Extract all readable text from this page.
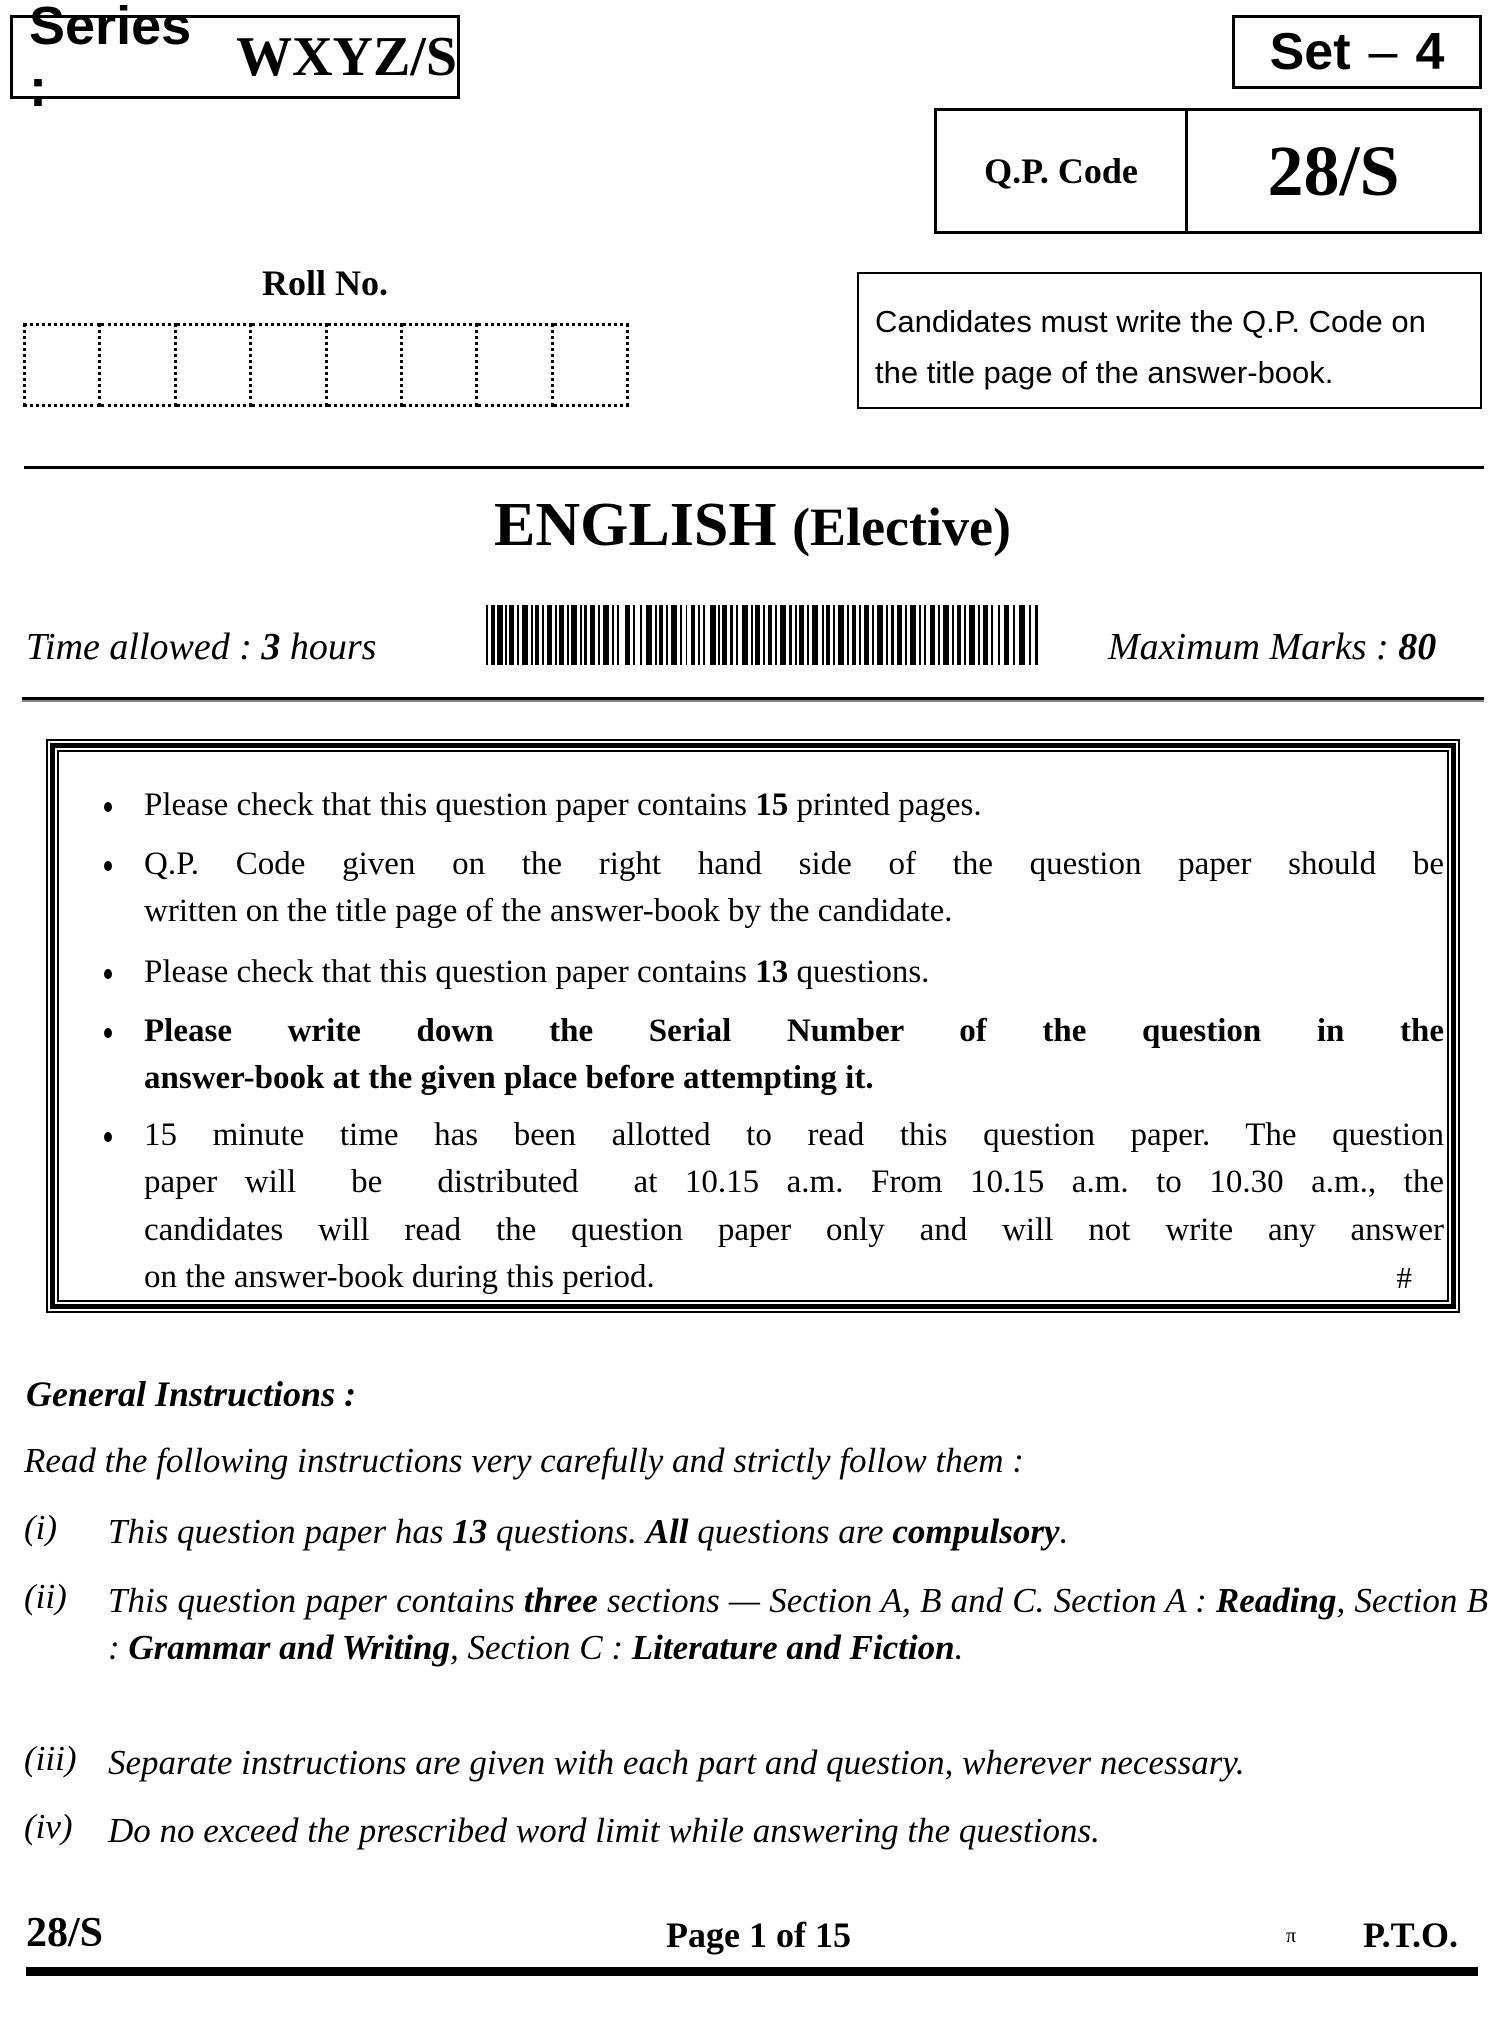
Series :	WXYZ/S	Set – 4
Q.P. Code	28/S
Roll No.
Candidates must write the Q.P. Code on
the title page of the answer-book.
ENGLISH (Elective)
Time allowed : 3 hours	Maximum Marks : 80
Please check that this question paper contains 15 printed pages.
Q.P. Code given on the right hand side of the question paper should be
written on the title page of the answer-book by the candidate.
Please check that this question paper contains 13 questions.
Please write down the Serial Number of the question in the
answer-book at the given place before attempting it.
15 minute time has been allotted to read this question paper. The question
paper will  be  distributed  at 10.15 a.m. From 10.15 a.m. to 10.30 a.m., the
candidates will read the question paper only and will not write any answer
on the answer-book during this period.	#
General Instructions :
Read the following instructions very carefully and strictly follow them :
(i) This question paper has 13 questions. All questions are compulsory.
(ii) This question paper contains three sections — Section A, B and C. Section A : Reading, Section B : Grammar and Writing, Section C : Literature and Fiction.
(iii) Separate instructions are given with each part and question, wherever necessary.
(iv) Do no exceed the prescribed word limit while answering the questions.
28/S	Page 1 of 15	π P.T.O.
